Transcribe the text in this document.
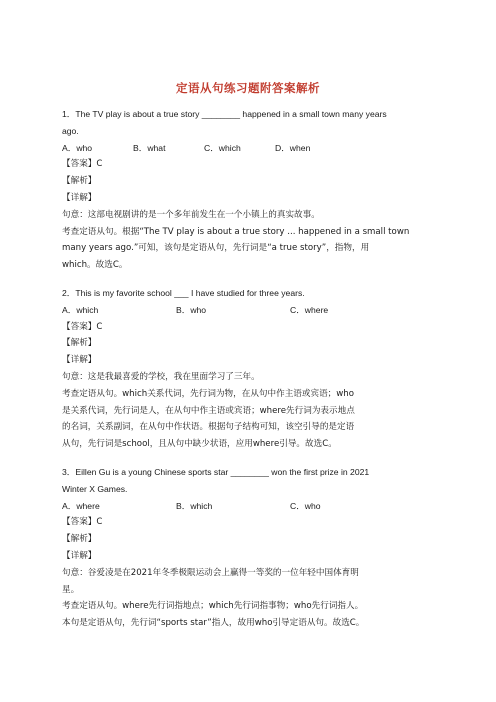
定语从句练习题附答案解析

1．The TV play is about a true story ________ happened in a small town many years

ago.

A．who	B．what	C．which	D．when

【答案】C

【解析】

【详解】

句意：这部电视剧讲的是一个多年前发生在一个小镇上的真实故事。

考查定语从句。根据“The TV play is about a true story ... happened in a small town

many years ago.”可知，该句是定语从句，先行词是“a true story”，指物，用

which。故选C。

2．This is my favorite school ___ I have studied for three years.

A．which	B．who	C．where

【答案】C

【解析】

【详解】

句意：这是我最喜爱的学校，我在里面学习了三年。

考查定语从句。which关系代词，先行词为物，在从句中作主语或宾语；who

是关系代词，先行词是人，在从句中作主语或宾语；where先行词为表示地点

的名词，关系副词，在从句中作状语。根据句子结构可知，该空引导的是定语

从句，先行词是school，且从句中缺少状语，应用where引导。故选C。

3．Eillen Gu is a young Chinese sports star ________ won the first prize in 2021

Winter X Games.

A．where	B．which	C．who

【答案】C

【解析】

【详解】

句意：谷爱凌是在2021年冬季极限运动会上赢得一等奖的一位年轻中国体育明

星。

考查定语从句。where先行词指地点；which先行词指事物；who先行词指人。

本句是定语从句，先行词“sports star”指人，故用who引导定语从句。故选C。
